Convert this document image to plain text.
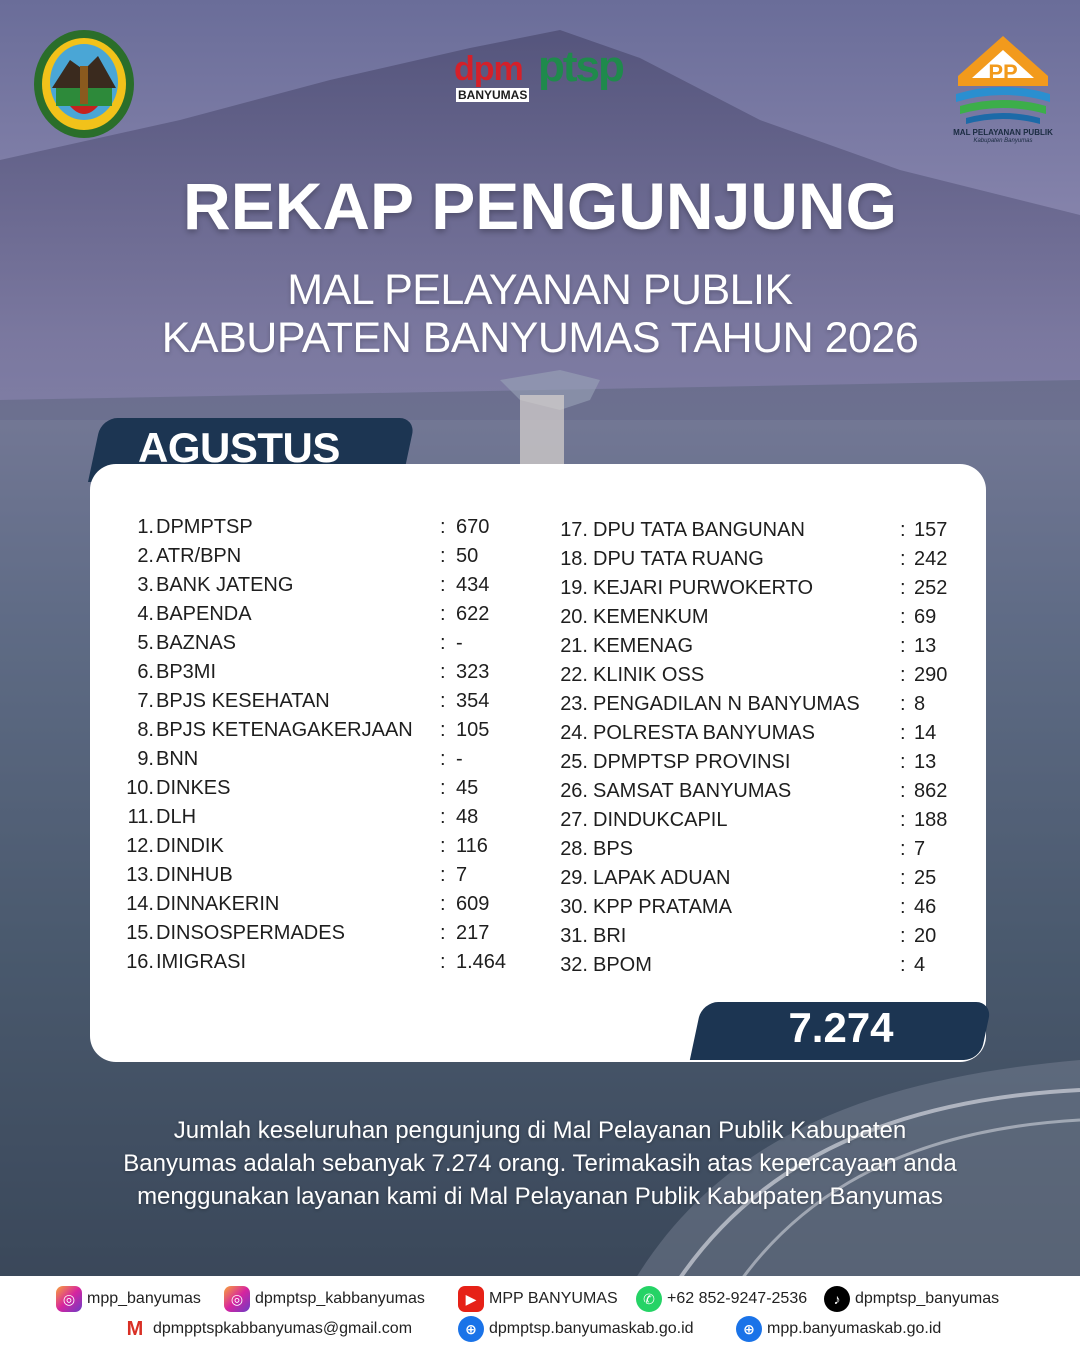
dpm ptsp
BANYUMAS
PP
MAL PELAYANAN PUBLIK
Kabupaten Banyumas
REKAP PENGUNJUNG
MAL PELAYANAN PUBLIK
KABUPATEN BANYUMAS TAHUN 2026
AGUSTUS
1. DPMPTSP	: 670
2. ATR/BPN	: 50
3. BANK JATENG	: 434
4. BAPENDA	: 622
5. BAZNAS	: -
6. BP3MI	: 323
7. BPJS KESEHATAN	: 354
8. BPJS KETENAGAKERJAAN : 105
9. BNN	: -
10. DINKES	: 45
11. DLH	: 48
12. DINDIK	: 116
13. DINHUB	: 7
14. DINNAKERIN	: 609
15. DINSOSPERMADES	: 217
16. IMIGRASI	: 1.464
17. DPU TATA BANGUNAN	: 157
18. DPU TATA RUANG	: 242
19. KEJARI PURWOKERTO	: 252
20. KEMENKUM	: 69
21. KEMENAG	: 13
22. KLINIK OSS	: 290
23. PENGADILAN N BANYUMAS : 8
24. POLRESTA BANYUMAS	: 14
25. DPMPTSP PROVINSI	: 13
26. SAMSAT BANYUMAS	: 862
27. DINDUKCAPIL	: 188
28. BPS	: 7
29. LAPAK ADUAN	: 25
30. KPP PRATAMA	: 46
31. BRI	: 20
32. BPOM	: 4
7.274
Jumlah keseluruhan pengunjung di Mal Pelayanan Publik Kabupaten
Banyumas adalah sebanyak 7.274 orang. Terimakasih atas kepercayaan anda
menggunakan layanan kami di Mal Pelayanan Publik Kabupaten Banyumas
◎ mpp_banyumas	◎ dpmptsp_kabbanyumas	▶ MPP BANYUMAS	✆ +62 852-9247-2536	♪ dpmptsp_banyumas
M dpmpptspkabbanyumas@gmail.com	⊕ dpmptsp.banyumaskab.go.id	⊕ mpp.banyumaskab.go.id
